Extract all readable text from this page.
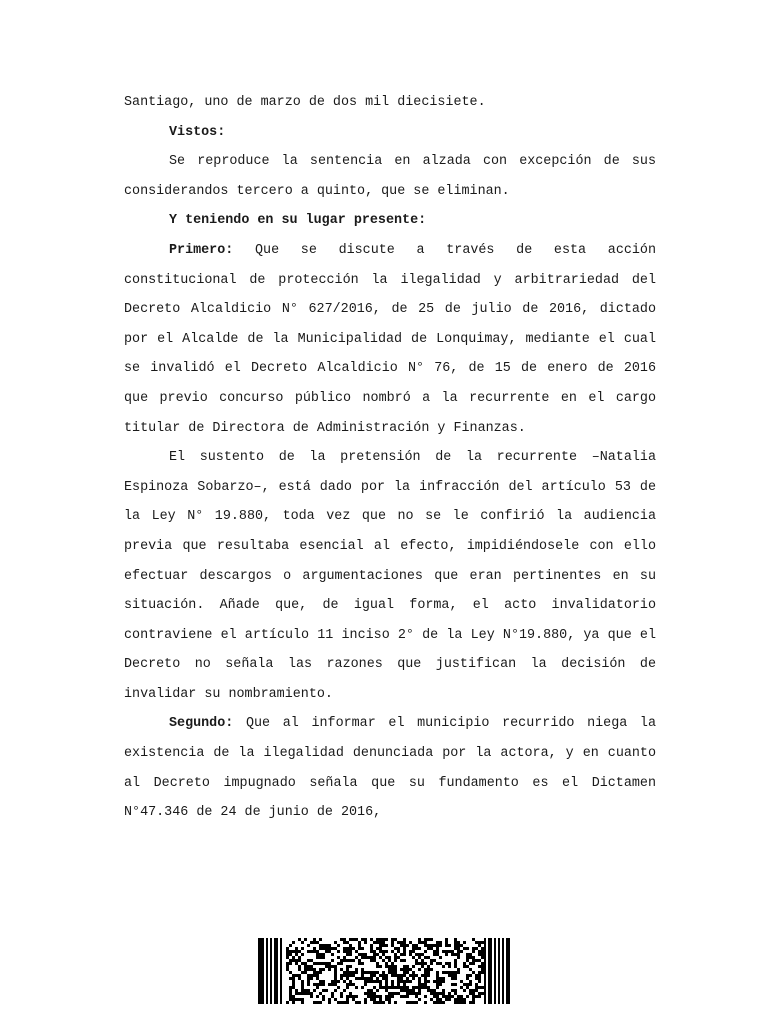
Santiago, uno de marzo de dos mil diecisiete.

Vistos:

Se reproduce la sentencia en alzada con excepción de sus considerandos tercero a quinto, que se eliminan.

Y teniendo en su lugar presente:

Primero: Que se discute a través de esta acción constitucional de protección la ilegalidad y arbitrariedad del Decreto Alcaldicio N° 627/2016, de 25 de julio de 2016, dictado por el Alcalde de la Municipalidad de Lonquimay, mediante el cual se invalidó el Decreto Alcaldicio N° 76, de 15 de enero de 2016 que previo concurso público nombró a la recurrente en el cargo titular de Directora de Administración y Finanzas.

El sustento de la pretensión de la recurrente –Natalia Espinoza Sobarzo–, está dado por la infracción del artículo 53 de la Ley N° 19.880, toda vez que no se le confirió la audiencia previa que resultaba esencial al efecto, impidiéndosele con ello efectuar descargos o argumentaciones que eran pertinentes en su situación. Añade que, de igual forma, el acto invalidatorio contraviene el artículo 11 inciso 2° de la Ley N°19.880, ya que el Decreto no señala las razones que justifican la decisión de invalidar su nombramiento.

Segundo: Que al informar el municipio recurrido niega la existencia de la ilegalidad denunciada por la actora, y en cuanto al Decreto impugnado señala que su fundamento es el Dictamen N°47.346 de 24 de junio de 2016,
